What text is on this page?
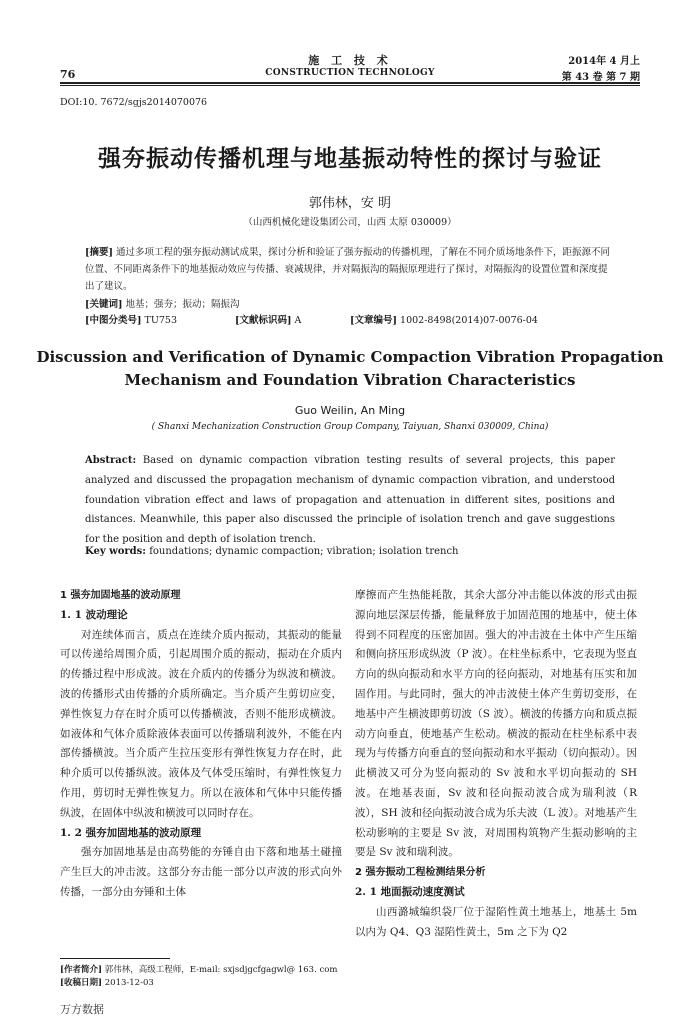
施 工 技 术
CONSTRUCTION TECHNOLOGY
76
2014年 4 月上
第 43 卷 第 7 期
DOI:10. 7672/sgjs2014070076
强夯振动传播机理与地基振动特性的探讨与验证
郭伟林，安 明
（山西机械化建设集团公司，山西 太原 030009）
[摘要] 通过多项工程的强夯振动测试成果，探讨分析和验证了强夯振动的传播机理，了解在不同介质场地条件下，距振源不同位置、不同距离条件下的地基振动效应与传播、衰减规律，并对隔振沟的隔振原理进行了探讨，对隔振沟的设置位置和深度提出了建议。
[关键词] 地基；强夯；振动；隔振沟
[中图分类号] TU753	[文献标识码] A	[文章编号] 1002-8498(2014)07-0076-04
Discussion and Verification of Dynamic Compaction Vibration Propagation
Mechanism and Foundation Vibration Characteristics
Guo Weilin, An Ming
( Shanxi Mechanization Construction Group Company, Taiyuan, Shanxi 030009, China)
Abstract: Based on dynamic compaction vibration testing results of several projects, this paper analyzed and discussed the propagation mechanism of dynamic compaction vibration, and understood foundation vibration effect and laws of propagation and attenuation in different sites, positions and distances. Meanwhile, this paper also discussed the principle of isolation trench and gave suggestions for the position and depth of isolation trench.
Key words: foundations; dynamic compaction; vibration; isolation trench

1 强夯加固地基的波动原理

1. 1 波动理论

对连续体而言，质点在连续介质内振动，其振动的能量可以传递给周围介质，引起周围介质的振动，振动在介质内的传播过程中形成波。波在介质内的传播分为纵波和横波。波的传播形式由传播的介质所确定。当介质产生剪切应变，弹性恢复力存在时介质可以传播横波，否则不能形成横波。如液体和气体介质除液体表面可以传播瑞利波外，不能在内部传播横波。当介质产生拉压变形有弹性恢复力存在时，此种介质可以传播纵波。液体及气体受压缩时，有弹性恢复力作用，剪切时无弹性恢复力。所以在液体和气体中只能传播纵波，在固体中纵波和横波可以同时存在。

1. 2 强夯加固地基的波动原理

强夯加固地基是由高势能的夯锤自由下落和地基土碰撞产生巨大的冲击波。这部分夯击能一部分以声波的形式向外传播，一部分由夯锤和土体

摩擦而产生热能耗散，其余大部分冲击能以体波的形式由振源向地层深层传播，能量释放于加固范围的地基中，使土体得到不同程度的压密加固。强大的冲击波在土体中产生压缩和侧向挤压形成纵波（P 波）。在柱坐标系中，它表现为竖直方向的纵向振动和水平方向的径向振动，对地基有压实和加固作用。与此同时，强大的冲击波使土体产生剪切变形，在地基中产生横波即剪切波（S 波）。横波的传播方向和质点振动方向垂直，使地基产生松动。横波的振动在柱坐标系中表现为与传播方向垂直的竖向振动和水平振动（切向振动）。因此横波又可分为竖向振动的 Sv 波和水平切向振动的 SH 波。在地基表面，Sv 波和径向振动波合成为瑞利波（R 波），SH 波和径向振动波合成为乐夫波（L 波）。对地基产生松动影响的主要是 Sv 波，对周围构筑物产生振动影响的主要是 Sv 波和瑞利波。

2 强夯振动工程检测结果分析

2. 1 地面振动速度测试

山西潞城编织袋厂位于湿陷性黄土地基上，地基土 5m 以内为 Q4、Q3 湿陷性黄土，5m 之下为 Q2

[作者简介] 郭伟林，高级工程师，E-mail: sxjsdjgcfgagwl@ 163. com
[收稿日期] 2013-12-03
万方数据
